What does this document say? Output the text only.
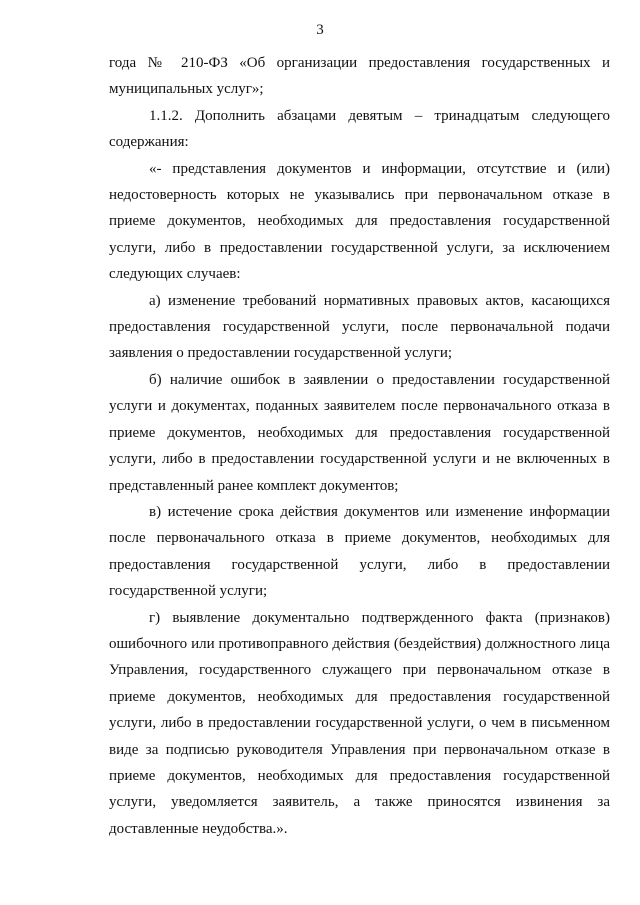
3

года № 210-ФЗ «Об организации предоставления государственных и муниципальных услуг»;

1.1.2. Дополнить абзацами девятым – тринадцатым следующего содержания:

«- представления документов и информации, отсутствие и (или) недостоверность которых не указывались при первоначальном отказе в приеме документов, необходимых для предоставления государственной услуги, либо в предоставлении государственной услуги, за исключением следующих случаев:

а) изменение требований нормативных правовых актов, касающихся предоставления государственной услуги, после первоначальной подачи заявления о предоставлении государственной услуги;

б) наличие ошибок в заявлении о предоставлении государственной услуги и документах, поданных заявителем после первоначального отказа в приеме документов, необходимых для предоставления государственной услуги, либо в предоставлении государственной услуги и не включенных в представленный ранее комплект документов;

в) истечение срока действия документов или изменение информации после первоначального отказа в приеме документов, необходимых для предоставления государственной услуги, либо в предоставлении государственной услуги;

г) выявление документально подтвержденного факта (признаков) ошибочного или противоправного действия (бездействия) должностного лица Управления, государственного служащего при первоначальном отказе в приеме документов, необходимых для предоставления государственной услуги, либо в предоставлении государственной услуги, о чем в письменном виде за подписью руководителя Управления при первоначальном отказе в приеме документов, необходимых для предоставления государственной услуги, уведомляется заявитель, а также приносятся извинения за доставленные неудобства.».
